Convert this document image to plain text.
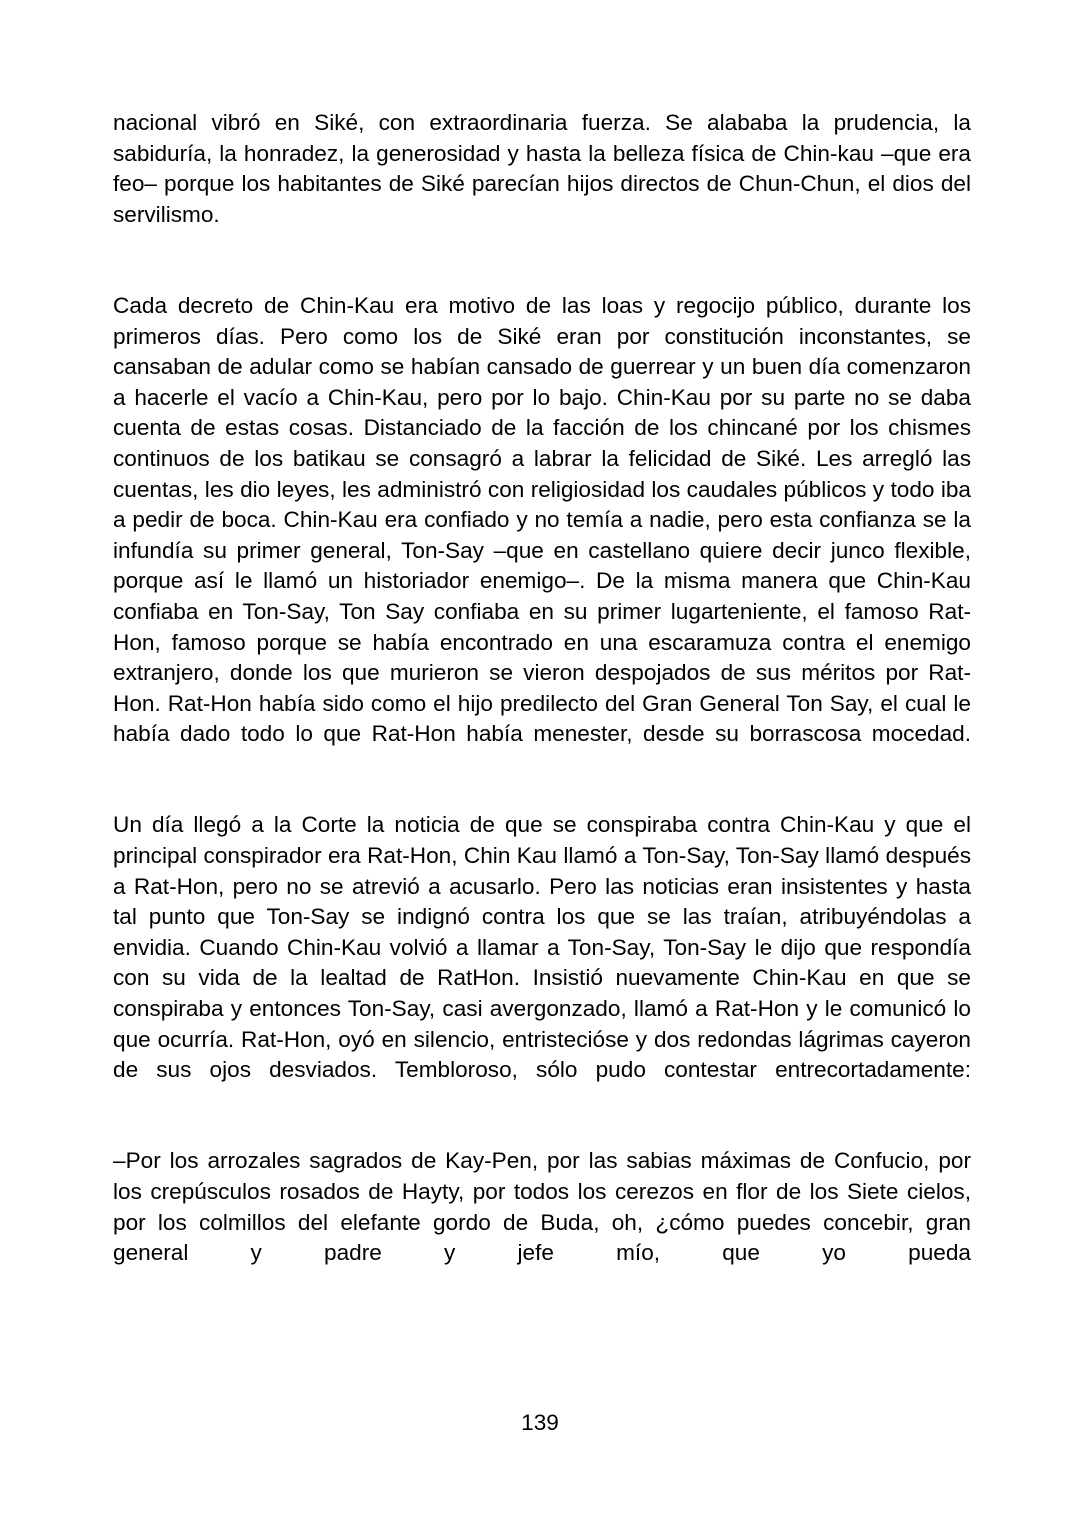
nacional vibró en Siké, con extraordinaria fuerza. Se alababa la prudencia, la sabiduría, la honradez, la generosidad y hasta la belleza física de Chin-kau –que era feo– porque los habitantes de Siké parecían hijos directos de Chun-Chun, el dios del servilismo.

Cada decreto de Chin-Kau era motivo de las loas y regocijo público, durante los primeros días. Pero como los de Siké eran por constitución inconstantes, se cansaban de adular como se habían cansado de guerrear y un buen día comenzaron a hacerle el vacío a Chin-Kau, pero por lo bajo. Chin-Kau por su parte no se daba cuenta de estas cosas. Distanciado de la facción de los chincané por los chismes continuos de los batikau se consagró a labrar la felicidad de Siké. Les arregló las cuentas, les dio leyes, les administró con religiosidad los caudales públicos y todo iba a pedir de boca. Chin-Kau era confiado y no temía a nadie, pero esta confianza se la infundía su primer general, Ton-Say –que en castellano quiere decir junco flexible, porque así le llamó un historiador enemigo–. De la misma manera que Chin-Kau confiaba en Ton-Say, Ton Say confiaba en su primer lugarteniente, el famoso Rat-Hon, famoso porque se había encontrado en una escaramuza contra el enemigo extranjero, donde los que murieron se vieron despojados de sus méritos por Rat-Hon. Rat-Hon había sido como el hijo predilecto del Gran General Ton Say, el cual le había dado todo lo que Rat-Hon había menester, desde su borrascosa mocedad.

Un día llegó a la Corte la noticia de que se conspiraba contra Chin-Kau y que el principal conspirador era Rat-Hon, Chin Kau llamó a Ton-Say, Ton-Say llamó después a Rat-Hon, pero no se atrevió a acusarlo. Pero las noticias eran insistentes y hasta tal punto que Ton-Say se indignó contra los que se las traían, atribuyéndolas a envidia. Cuando Chin-Kau volvió a llamar a Ton-Say, Ton-Say le dijo que respondía con su vida de la lealtad de RatHon. Insistió nuevamente Chin-Kau en que se conspiraba y entonces Ton-Say, casi avergonzado, llamó a Rat-Hon y le comunicó lo que ocurría. Rat-Hon, oyó en silencio, entristecióse y dos redondas lágrimas cayeron de sus ojos desviados. Tembloroso, sólo pudo contestar entrecortadamente:

–Por los arrozales sagrados de Kay-Pen, por las sabias máximas de Confucio, por los crepúsculos rosados de Hayty, por todos los cerezos en flor de los Siete cielos, por los colmillos del elefante gordo de Buda, oh, ¿cómo puedes concebir, gran general y padre y jefe mío, que yo pueda

139
